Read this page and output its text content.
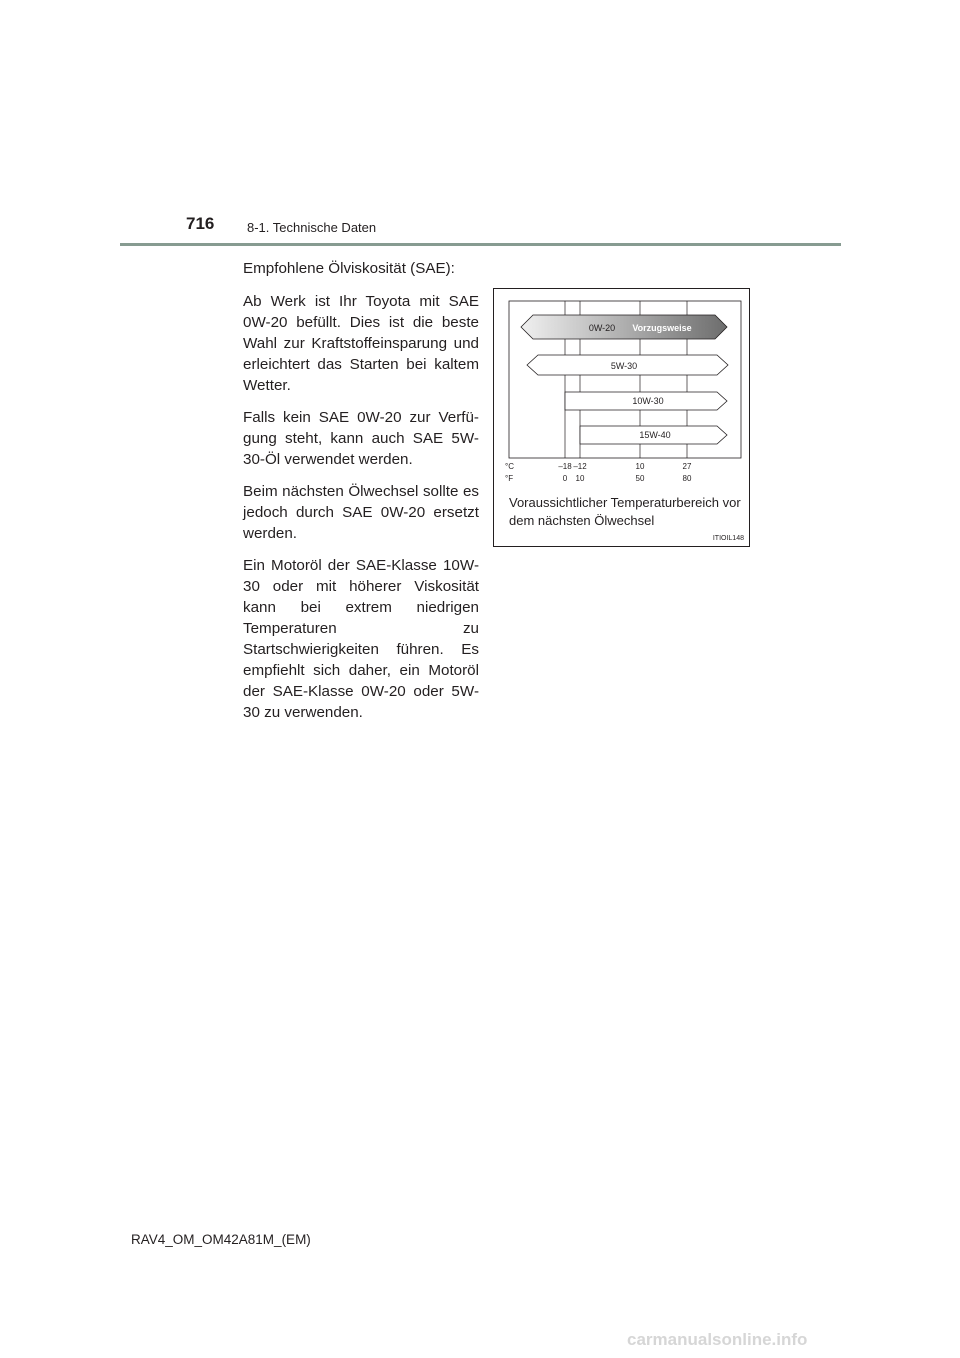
716	8-1. Technische Daten

Empfohlene Ölviskosität (SAE):

Ab Werk ist Ihr Toyota mit SAE 0W-20 befüllt. Dies ist die beste Wahl zur Kraftstoffeinsparung und erleichtert das Starten bei kaltem Wetter.

Falls kein SAE 0W-20 zur Verfü-gung steht, kann auch SAE 5W-30-Öl verwendet werden.

Beim nächsten Ölwechsel sollte es jedoch durch SAE 0W-20 ersetzt werden.

Ein Motoröl der SAE-Klasse 10W-30 oder mit höherer Viskosität kann bei extrem niedrigen Temperaturen zu Startschwierigkeiten führen. Es empfiehlt sich daher, ein Motoröl der SAE-Klasse 0W-20 oder 5W-30 zu verwenden.

0W-20 Vorzugsweise
5W-30
10W-30
15W-40
°C
°F
–18 –12	10	27
0 10	50	80
Voraussichtlicher Temperaturbereich vor dem nächsten Ölwechsel
ITIOIL148
RAV4_OM_OM42A81M_(EM)
carmanualsonline.info
